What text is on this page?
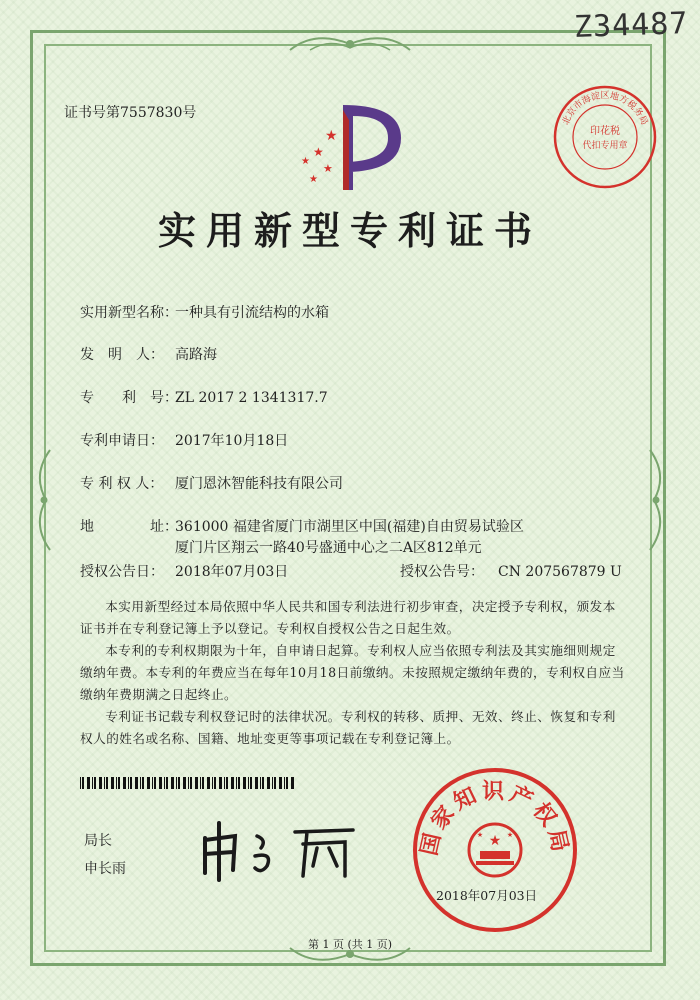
Z34487
证书号第7557830号	北京市海淀区地方税务局
印花税
代扣专用章
★
★
★
★
★
实用新型专利证书
实用新型名称：一种具有引流结构的水箱
发　明　人： 高路海
专　　利　号：ZL 2017 2 1341317.7
专利申请日： 2017年10月18日
专 利 权 人： 厦门恩沐智能科技有限公司
地　　　　址：361000 福建省厦门市湖里区中国(福建)自由贸易试验区
厦门片区翔云一路40号盛通中心之二A区812单元
授权公告日： 2018年07月03日	授权公告号： CN 207567879 U

本实用新型经过本局依照中华人民共和国专利法进行初步审查，决定授予专利权，颁发本证书并在专利登记簿上予以登记。专利权自授权公告之日起生效。

本专利的专利权期限为十年，自申请日起算。专利权人应当依照专利法及其实施细则规定缴纳年费。本专利的年费应当在每年10月18日前缴纳。未按照规定缴纳年费的，专利权自应当缴纳年费期满之日起终止。

专利证书记载专利权登记时的法律状况。专利权的转移、质押、无效、终止、恢复和专利权人的姓名或名称、国籍、地址变更等事项记载在专利登记簿上。

局长
申长雨
国家知识产权局
★
★	★
2018年07月03日
第 1 页 (共 1 页)
